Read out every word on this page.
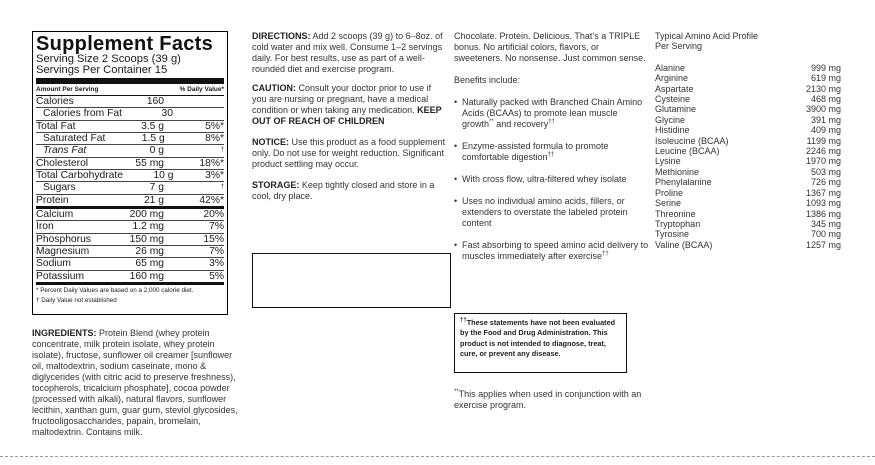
Supplement Facts
Serving Size 2 Scoops (39 g)
Servings Per Container 15
Amount Per Serving	% Daily Value*
Calories	160
Calories from Fat	30
Total Fat	3.5 g	5%*
Saturated Fat	1.5 g	8%*
Trans Fat	0 g	†
Cholesterol	55 mg	18%*
Total Carbohydrate	10 g	3%*
Sugars	7 g	†
Protein	21 g	42%*
Calcium	200 mg	20%
Iron	1.2 mg	7%
Phosphorus	150 mg	15%
Magnesium	26 mg	7%
Sodium	65 mg	3%
Potassium	160 mg	5%
* Percent Daily Values are based on a 2,000 calorie diet.
† Daily Value not established
INGREDIENTS: Protein Blend (whey protein concentrate, milk protein isolate, whey protein isolate), fructose, sunflower oil creamer [sunflower oil, maltodextrin, sodium caseinate, mono & diglycerides (with citric acid to preserve freshness), tocopherols, tricalcium phosphate], cocoa powder (processed with alkali), natural flavors, sunflower lecithin, xanthan gum, guar gum, steviol glycosides, fructooligosaccharides, papain, bromelain, maltodextrin. Contains milk.

DIRECTIONS: Add 2 scoops (39 g) to 6–8oz. of cold water and mix well. Consume 1–2 servings daily. For best results, use as part of a well-rounded diet and exercise program.

CAUTION: Consult your doctor prior to use if you are nursing or pregnant, have a medical condition or when taking any medication. KEEP OUT OF REACH OF CHILDREN

NOTICE: Use this product as a food supplement only. Do not use for weight reduction. Significant product settling may occur.

STORAGE: Keep tightly closed and store in a cool, dry place.

Chocolate. Protein. Delicious. That’s a TRIPLE bonus. No artificial colors, flavors, or sweeteners. No nonsense. Just common sense.

Benefits include:

• Naturally packed with Branched Chain Amino Acids (BCAAs) to promote lean muscle growth** and recovery††
• Enzyme-assisted formula to promote comfortable digestion††
• With cross flow, ultra-filtered whey isolate
• Uses no individual amino acids, fillers, or extenders to overstate the labeled protein content
• Fast absorbing to speed amino acid delivery to muscles immediately after exercise††
††These statements have not been evaluated by the Food and Drug Administration. This product is not intended to diagnose, treat, cure, or prevent any disease.
**This applies when used in conjunction with an exercise program.
Typical Amino Acid Profile
Per Serving
Alanine	999 mg
Arginine	619 mg
Aspartate	2130 mg
Cysteine	468 mg
Glutamine	3900 mg
Glycine	391 mg
Histidine	409 mg
Isoleucine (BCAA)	1199 mg
Leucine (BCAA)	2246 mg
Lysine	1970 mg
Methionine	503 mg
Phenylalanine	726 mg
Proline	1367 mg
Serine	1093 mg
Threonine	1386 mg
Tryptophan	345 mg
Tyrosine	700 mg
Valine (BCAA)	1257 mg
